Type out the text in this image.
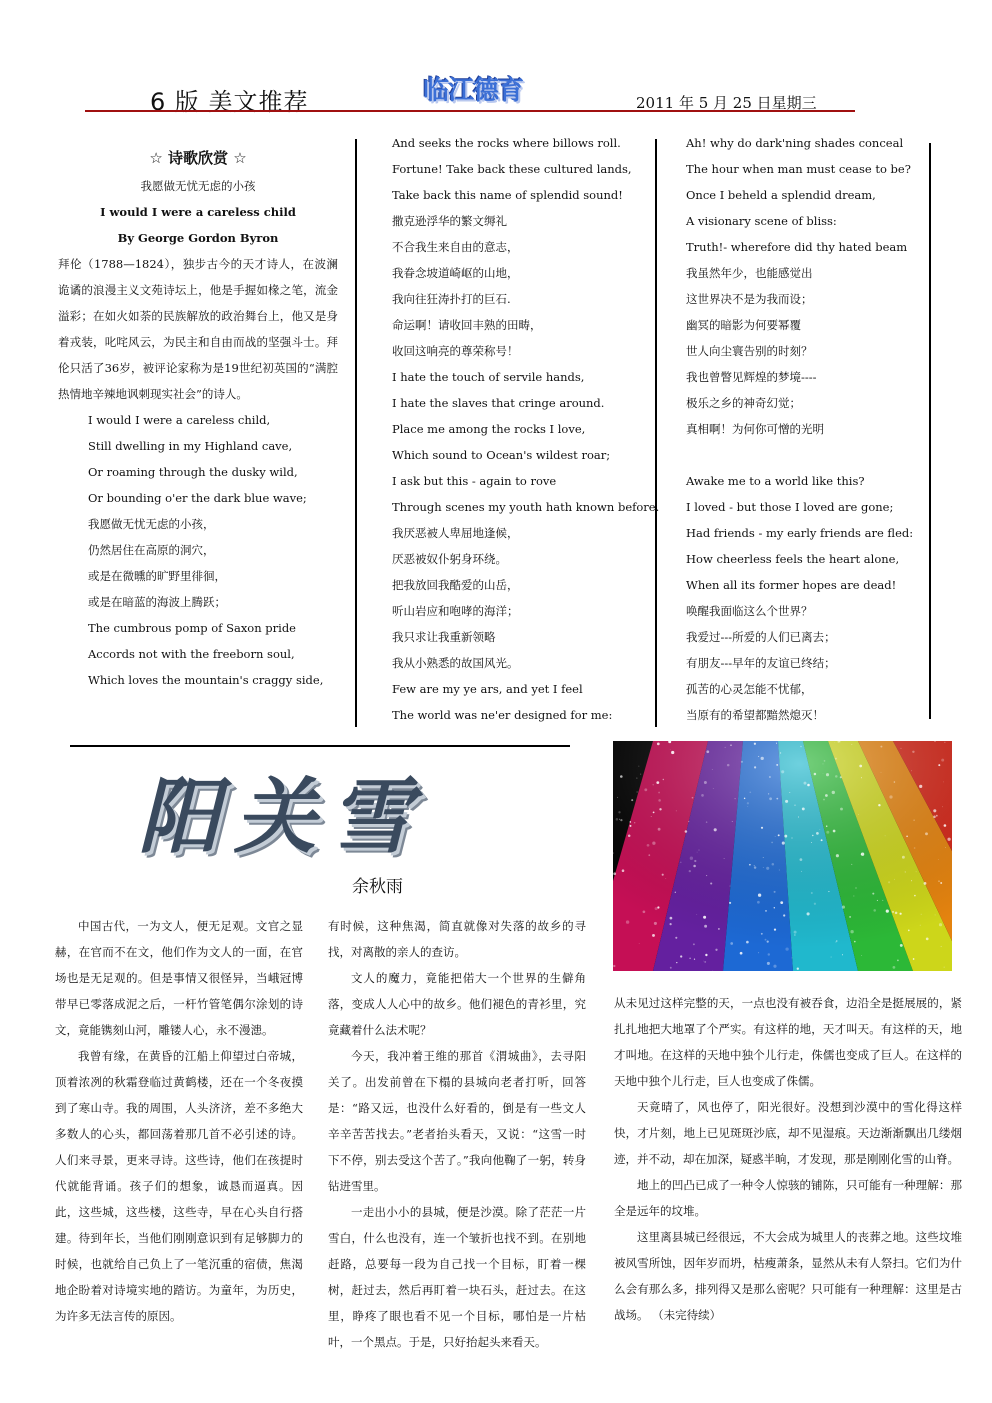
6 版 美文推荐	临江德育	2011 年 5 月 25 日星期三
☆ 诗歌欣赏 ☆
我愿做无忧无虑的小孩
I would I were a careless child
By George Gordon Byron
拜伦（1788—1824），独步古今的天才诗人，在波澜诡谲的浪漫主义文苑诗坛上，他是手握如椽之笔，流金溢彩；在如火如荼的民族解放的政治舞台上，他又是身着戎装，叱咤风云，为民主和自由而战的坚强斗士。拜伦只活了36岁，被评论家称为是19世纪初英国的“满腔热情地辛辣地讽刺现实社会”的诗人。
I would I were a careless child,
Still dwelling in my Highland cave,
Or roaming through the dusky wild,
Or bounding o'er the dark blue wave;
我愿做无忧无虑的小孩，
仍然居住在高原的洞穴，
或是在微曛的旷野里徘徊，
或是在暗蓝的海波上腾跃；
The cumbrous pomp of Saxon pride
Accords not with the freeborn soul,
Which loves the mountain's craggy side,
And seeks the rocks where billows roll.
Fortune! Take back these cultured lands,
Take back this name of splendid sound!
撒克逊浮华的繁文缛礼
不合我生来自由的意志，
我眷念坡道崎岖的山地，
我向往狂涛扑打的巨石.
命运啊！请收回丰熟的田畴，
收回这响亮的尊荣称号！
I hate the touch of servile hands,
I hate the slaves that cringe around.
Place me among the rocks I love,
Which sound to Ocean's wildest roar;
I ask but this - again to rove
Through scenes my youth hath known before.
我厌恶被人卑屈地逢候，
厌恶被奴仆躬身环绕。
把我放回我酷爱的山岳，
听山岩应和咆哮的海洋；
我只求让我重新领略
我从小熟悉的故国风光。
Few are my ye ars, and yet I feel
The world was ne'er designed for me:
Ah! why do dark'ning shades conceal
The hour when man must cease to be?
Once I beheld a splendid dream,
A visionary scene of bliss:
Truth!- wherefore did thy hated beam
我虽然年少，也能感觉出
这世界决不是为我而设；
幽冥的暗影为何要幂覆
世人向尘寰告别的时刻？
我也曾瞥见辉煌的梦境----
极乐之乡的神奇幻觉；
真相啊！为何你可憎的光明

Awake me to a world like this?
I loved - but those I loved are gone;
Had friends - my early friends are fled:
How cheerless feels the heart alone,
When all its former hopes are dead!
唤醒我面临这么个世界？
我爱过---所爱的人们已离去；
有朋友---早年的友谊已终结；
孤苦的心灵怎能不忧郁，
当原有的希望都黯然熄灭！
阳关雪
余秋雨

中国古代，一为文人，便无足观。文官之显赫，在官而不在文，他们作为文人的一面，在官场也是无足观的。但是事情又很怪异，当峨冠博带早已零落成泥之后，一杆竹管笔偶尔涂划的诗文，竟能镌刻山河，雕镂人心，永不漫漶。

我曾有缘，在黄昏的江船上仰望过白帝城，顶着浓冽的秋霜登临过黄鹤楼，还在一个冬夜摸到了寒山寺。我的周围，人头济济，差不多绝大多数人的心头，都回荡着那几首不必引述的诗。人们来寻景，更来寻诗。这些诗，他们在孩提时代就能背诵。孩子们的想象，诚恳而逼真。因此，这些城，这些楼，这些寺，早在心头自行搭建。待到年长，当他们刚刚意识到有足够脚力的时候，也就给自己负上了一笔沉重的宿债，焦渴地企盼着对诗境实地的踏访。为童年，为历史，为许多无法言传的原因。

有时候，这种焦渴，简直就像对失落的故乡的寻找，对离散的亲人的查访。

文人的魔力，竟能把偌大一个世界的生僻角落，变成人人心中的故乡。他们褪色的青衫里，究竟藏着什么法术呢？

今天，我冲着王维的那首《渭城曲》，去寻阳关了。出发前曾在下榻的县城向老者打听，回答是：“路又远，也没什么好看的，倒是有一些文人辛辛苦苦找去。”老者抬头看天，又说：“这雪一时下不停，别去受这个苦了。”我向他鞠了一躬，转身钻进雪里。

一走出小小的县城，便是沙漠。除了茫茫一片雪白，什么也没有，连一个皱折也找不到。在别地赶路，总要每一段为自己找一个目标，盯着一棵树，赶过去，然后再盯着一块石头，赶过去。在这里，睁疼了眼也看不见一个目标，哪怕是一片枯叶，一个黑点。于是，只好抬起头来看天。

从未见过这样完整的天，一点也没有被吞食，边沿全是挺展展的，紧扎扎地把大地罩了个严实。有这样的地，天才叫天。有这样的天，地才叫地。在这样的天地中独个儿行走，侏儒也变成了巨人。在这样的天地中独个儿行走，巨人也变成了侏儒。

天竟晴了，风也停了，阳光很好。没想到沙漠中的雪化得这样快，才片刻，地上已见斑斑沙底，却不见湿痕。天边渐渐飘出几缕烟迹，并不动，却在加深，疑惑半晌，才发现，那是刚刚化雪的山脊。

地上的凹凸已成了一种令人惊骇的铺陈，只可能有一种理解：那全是远年的坟堆。

这里离县城已经很远，不大会成为城里人的丧葬之地。这些坟堆被风雪所蚀，因年岁而坍，枯瘦萧条，显然从未有人祭扫。它们为什么会有那么多，排列得又是那么密呢？只可能有一种理解：这里是古战场。 （未完待续）
